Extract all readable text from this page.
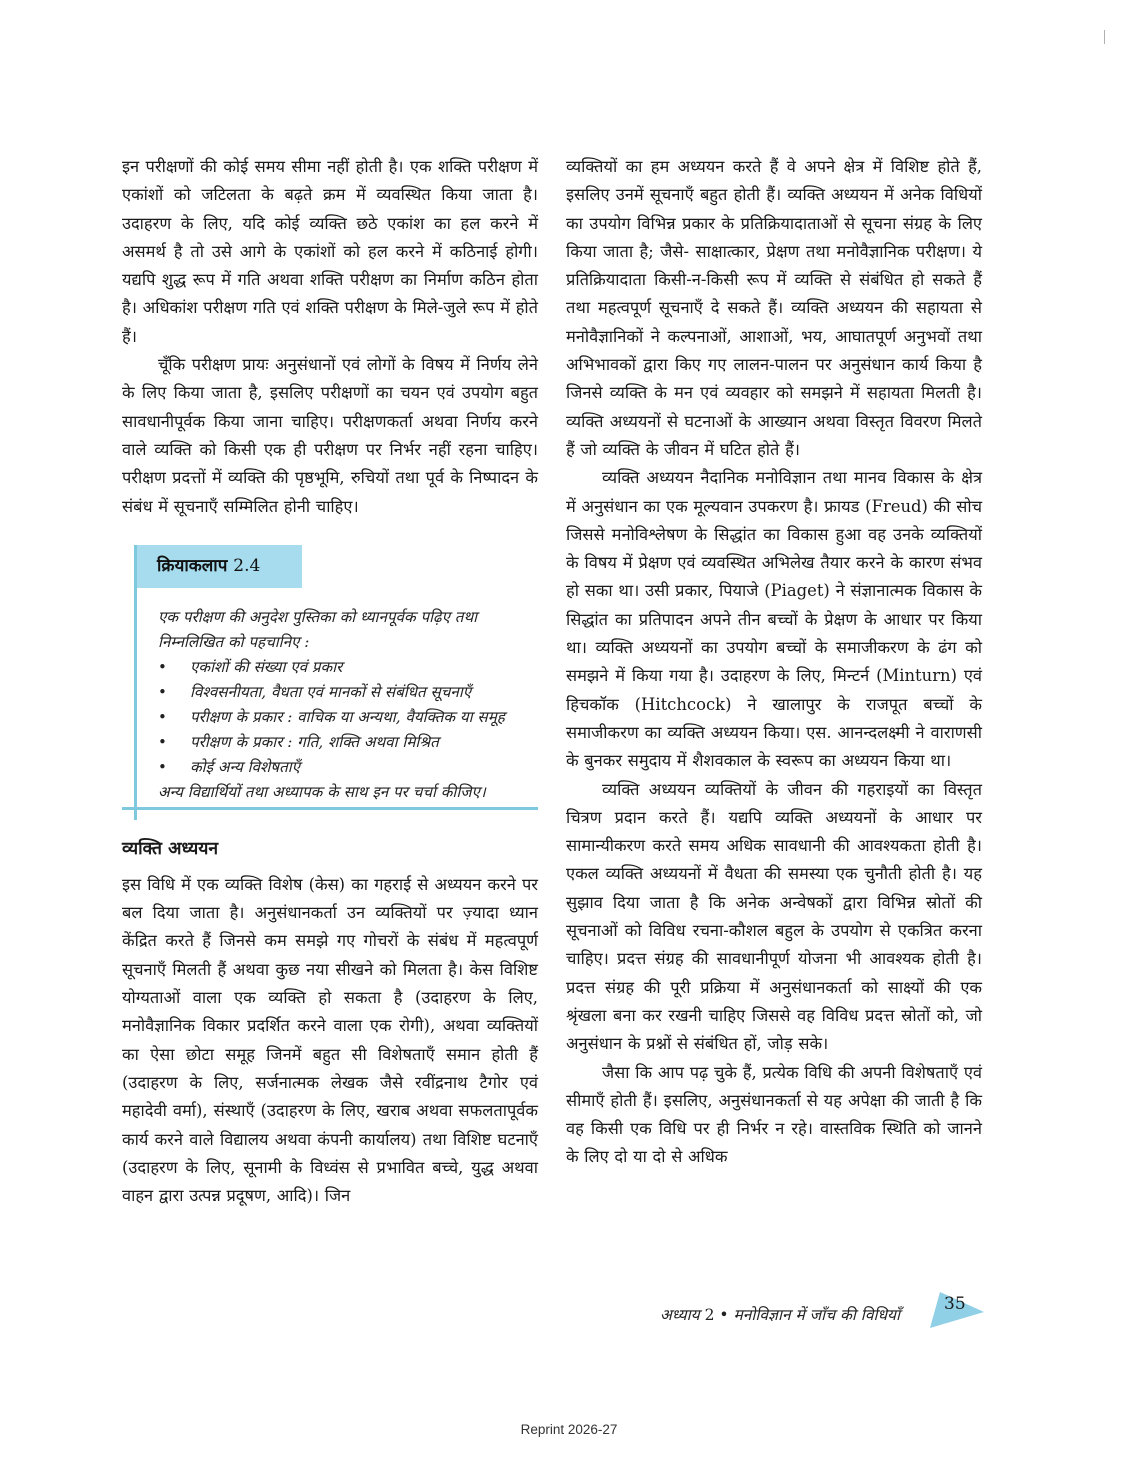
इन परीक्षणों की कोई समय सीमा नहीं होती है। एक शक्ति परीक्षण में एकांशों को जटिलता के बढ़ते क्रम में व्यवस्थित किया जाता है। उदाहरण के लिए, यदि कोई व्यक्ति छठे एकांश का हल करने में असमर्थ है तो उसे आगे के एकांशों को हल करने में कठिनाई होगी। यद्यपि शुद्ध रूप में गति अथवा शक्ति परीक्षण का निर्माण कठिन होता है। अधिकांश परीक्षण गति एवं शक्ति परीक्षण के मिले-जुले रूप में होते हैं।

चूँकि परीक्षण प्रायः अनुसंधानों एवं लोगों के विषय में निर्णय लेने के लिए किया जाता है, इसलिए परीक्षणों का चयन एवं उपयोग बहुत सावधानीपूर्वक किया जाना चाहिए। परीक्षणकर्ता अथवा निर्णय करने वाले व्यक्ति को किसी एक ही परीक्षण पर निर्भर नहीं रहना चाहिए। परीक्षण प्रदत्तों में व्यक्ति की पृष्ठभूमि, रुचियों तथा पूर्व के निष्पादन के संबंध में सूचनाएँ सम्मिलित होनी चाहिए।

क्रियाकलाप 2.4
एक परीक्षण की अनुदेश पुस्तिका को ध्यानपूर्वक पढ़िए तथा निम्नलिखित को पहचानिए :
• एकांशों की संख्या एवं प्रकार
• विश्वसनीयता, वैधता एवं मानकों से संबंधित सूचनाएँ
• परीक्षण के प्रकार : वाचिक या अन्यथा, वैयक्तिक या समूह
• परीक्षण के प्रकार : गति, शक्ति अथवा मिश्रित
• कोई अन्य विशेषताएँ
अन्य विद्यार्थियों तथा अध्यापक के साथ इन पर चर्चा कीजिए।
व्यक्ति अध्ययन

इस विधि में एक व्यक्ति विशेष (केस) का गहराई से अध्ययन करने पर बल दिया जाता है। अनुसंधानकर्ता उन व्यक्तियों पर ज़्यादा ध्यान केंद्रित करते हैं जिनसे कम समझे गए गोचरों के संबंध में महत्वपूर्ण सूचनाएँ मिलती हैं अथवा कुछ नया सीखने को मिलता है। केस विशिष्ट योग्यताओं वाला एक व्यक्ति हो सकता है (उदाहरण के लिए, मनोवैज्ञानिक विकार प्रदर्शित करने वाला एक रोगी), अथवा व्यक्तियों का ऐसा छोटा समूह जिनमें बहुत सी विशेषताएँ समान होती हैं (उदाहरण के लिए, सर्जनात्मक लेखक जैसे रवींद्रनाथ टैगोर एवं महादेवी वर्मा), संस्थाएँ (उदाहरण के लिए, खराब अथवा सफलतापूर्वक कार्य करने वाले विद्यालय अथवा कंपनी कार्यालय) तथा विशिष्ट घटनाएँ (उदाहरण के लिए, सूनामी के विध्वंस से प्रभावित बच्चे, युद्ध अथवा वाहन द्वारा उत्पन्न प्रदूषण, आदि)। जिन

व्यक्तियों का हम अध्ययन करते हैं वे अपने क्षेत्र में विशिष्ट होते हैं, इसलिए उनमें सूचनाएँ बहुत होती हैं। व्यक्ति अध्ययन में अनेक विधियों का उपयोग विभिन्न प्रकार के प्रतिक्रियादाताओं से सूचना संग्रह के लिए किया जाता है; जैसे- साक्षात्कार, प्रेक्षण तथा मनोवैज्ञानिक परीक्षण। ये प्रतिक्रियादाता किसी-न-किसी रूप में व्यक्ति से संबंधित हो सकते हैं तथा महत्वपूर्ण सूचनाएँ दे सकते हैं। व्यक्ति अध्ययन की सहायता से मनोवैज्ञानिकों ने कल्पनाओं, आशाओं, भय, आघातपूर्ण अनुभवों तथा अभिभावकों द्वारा किए गए लालन-पालन पर अनुसंधान कार्य किया है जिनसे व्यक्ति के मन एवं व्यवहार को समझने में सहायता मिलती है। व्यक्ति अध्ययनों से घटनाओं के आख्यान अथवा विस्तृत विवरण मिलते हैं जो व्यक्ति के जीवन में घटित होते हैं।

व्यक्ति अध्ययन नैदानिक मनोविज्ञान तथा मानव विकास के क्षेत्र में अनुसंधान का एक मूल्यवान उपकरण है। फ्रायड (Freud) की सोच जिससे मनोविश्लेषण के सिद्धांत का विकास हुआ वह उनके व्यक्तियों के विषय में प्रेक्षण एवं व्यवस्थित अभिलेख तैयार करने के कारण संभव हो सका था। उसी प्रकार, पियाजे (Piaget) ने संज्ञानात्मक विकास के सिद्धांत का प्रतिपादन अपने तीन बच्चों के प्रेक्षण के आधार पर किया था। व्यक्ति अध्ययनों का उपयोग बच्चों के समाजीकरण के ढंग को समझने में किया गया है। उदाहरण के लिए, मिन्टर्न (Minturn) एवं हिचकॉक (Hitchcock) ने खालापुर के राजपूत बच्चों के समाजीकरण का व्यक्ति अध्ययन किया। एस. आनन्दलक्ष्मी ने वाराणसी के बुनकर समुदाय में शैशवकाल के स्वरूप का अध्ययन किया था।

व्यक्ति अध्ययन व्यक्तियों के जीवन की गहराइयों का विस्तृत चित्रण प्रदान करते हैं। यद्यपि व्यक्ति अध्ययनों के आधार पर सामान्यीकरण करते समय अधिक सावधानी की आवश्यकता होती है। एकल व्यक्ति अध्ययनों में वैधता की समस्या एक चुनौती होती है। यह सुझाव दिया जाता है कि अनेक अन्वेषकों द्वारा विभिन्न स्रोतों की सूचनाओं को विविध रचना-कौशल बहुल के उपयोग से एकत्रित करना चाहिए। प्रदत्त संग्रह की सावधानीपूर्ण योजना भी आवश्यक होती है। प्रदत्त संग्रह की पूरी प्रक्रिया में अनुसंधानकर्ता को साक्ष्यों की एक श्रृंखला बना कर रखनी चाहिए जिससे वह विविध प्रदत्त स्रोतों को, जो अनुसंधान के प्रश्नों से संबंधित हों, जोड़ सके।

जैसा कि आप पढ़ चुके हैं, प्रत्येक विधि की अपनी विशेषताएँ एवं सीमाएँ होती हैं। इसलिए, अनुसंधानकर्ता से यह अपेक्षा की जाती है कि वह किसी एक विधि पर ही निर्भर न रहे। वास्तविक स्थिति को जानने के लिए दो या दो से अधिक

अध्याय 2 • मनोविज्ञान में जाँच की विधियाँ
35
Reprint 2026-27
